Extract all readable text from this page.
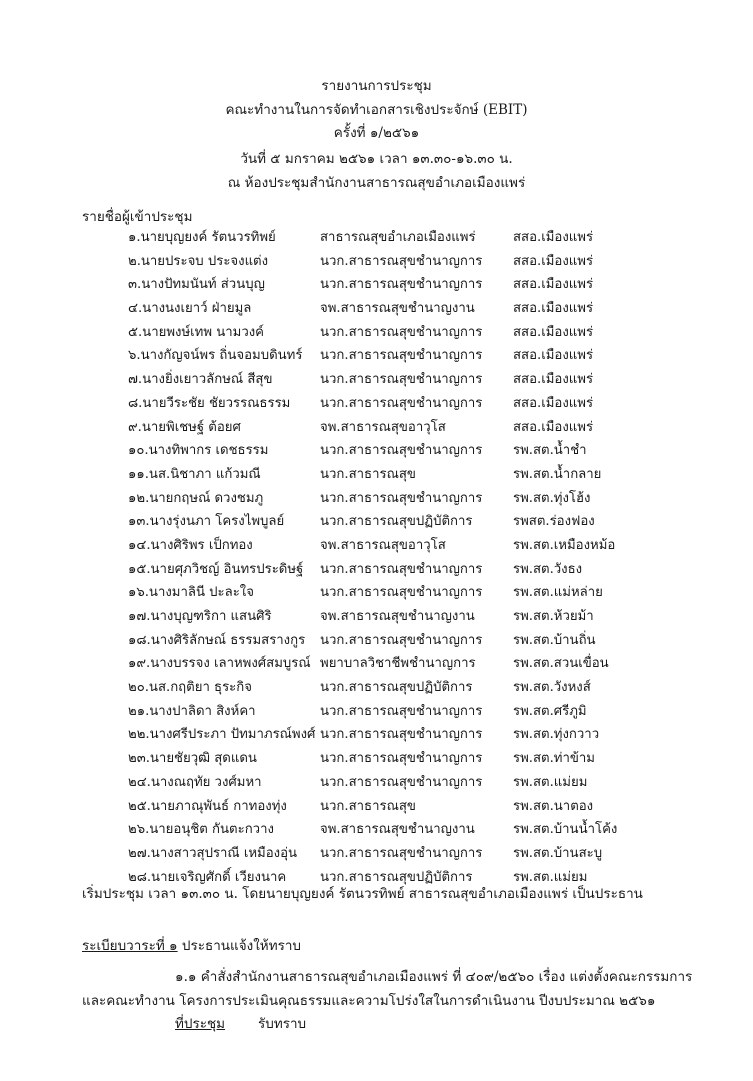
รายงานการประชุม
คณะทำงานในการจัดทำเอกสารเชิงประจักษ์ (EBIT)
ครั้งที่ ๑/๒๕๖๑
วันที่ ๕ มกราคม ๒๕๖๑ เวลา ๑๓.๓๐-๑๖.๓๐ น.
ณ ห้องประชุมสำนักงานสาธารณสุขอำเภอเมืองแพร่
รายชื่อผู้เข้าประชุม
๑.นายบุญยงค์ รัตนวรทิพย์	สาธารณสุขอำเภอเมืองแพร่	สสอ.เมืองแพร่
๒.นายประจบ ประจงแต่ง	นวก.สาธารณสุขชำนาญการ สสอ.เมืองแพร่
๓.นางปัทมนันท์ ส่วนบุญ	นวก.สาธารณสุขชำนาญการ สสอ.เมืองแพร่
๔.นางนงเยาว์ ฝ่ายมูล	จพ.สาธารณสุขชำนาญงาน	สสอ.เมืองแพร่
๕.นายพงษ์เทพ นามวงค์	นวก.สาธารณสุขชำนาญการ สสอ.เมืองแพร่
๖.นางกัญจน์พร ถิ่นจอมบดินทร์ นวก.สาธารณสุขชำนาญการ สสอ.เมืองแพร่
๗.นางยิ่งเยาวลักษณ์ สีสุข	นวก.สาธารณสุขชำนาญการ สสอ.เมืองแพร่
๘.นายวีระชัย ชัยวรรณธรรม นวก.สาธารณสุขชำนาญการ สสอ.เมืองแพร่
๙.นายพิเชษฐ์ ต้อยศ	จพ.สาธารณสุขอาวุโส	สสอ.เมืองแพร่
๑๐.นางทิพากร เดชธรรม	นวก.สาธารณสุขชำนาญการ รพ.สต.น้ำชำ
๑๑.นส.นิชาภา แก้วมณี	นวก.สาธารณสุข	รพ.สต.น้ำกลาย
๑๒.นายกฤษณ์ ดวงชมภู	นวก.สาธารณสุขชำนาญการ รพ.สต.ทุ่งโฮ้ง
๑๓.นางรุ่งนภา โครงไพบูลย์	นวก.สาธารณสุขปฏิบัติการ	รพสต.ร่องฟอง
๑๔.นางศิริพร เป็กทอง	จพ.สาธารณสุขอาวุโส	รพ.สต.เหมืองหม้อ
๑๕.นายศุภวิชญ์ อินทรประดิษฐ์ นวก.สาธารณสุขชำนาญการ รพ.สต.วังธง
๑๖.นางมาลินี ปะละใจ	นวก.สาธารณสุขชำนาญการ รพ.สต.แม่หล่าย
๑๗.นางบุญฑริกา แสนศิริ	จพ.สาธารณสุขชำนาญงาน	รพ.สต.ห้วยม้า
๑๘.นางศิริลักษณ์ ธรรมสรางกูร นวก.สาธารณสุขชำนาญการ รพ.สต.บ้านถิ่น
๑๙.นางบรรจง เลาหพงศ์สมบูรณ์ พยาบาลวิชาชีพชำนาญการ	รพ.สต.สวนเขื่อน
๒๐.นส.กฤติยา ธุระกิจ	นวก.สาธารณสุขปฏิบัติการ	รพ.สต.วังหงส์
๒๑.นางปาลิดา สิงห์คา	นวก.สาธารณสุขชำนาญการ รพ.สต.ศรีภูมิ
๒๒.นางศรีประภา ปัทมาภรณ์พงศ์ นวก.สาธารณสุขชำนาญการ รพ.สต.ทุ่งกวาว
๒๓.นายชัยวุฒิ สุดแดน	นวก.สาธารณสุขชำนาญการ รพ.สต.ท่าข้าม
๒๔.นางณฤทัย วงศ์มหา	นวก.สาธารณสุขชำนาญการ รพ.สต.แม่ยม
๒๕.นายภาณุพันธ์ กาทองทุ่ง	นวก.สาธารณสุข	รพ.สต.นาตอง
๒๖.นายอนุชิต กันตะกวาง	จพ.สาธารณสุขชำนาญงาน	รพ.สต.บ้านน้ำโค้ง
๒๗.นางสาวสุปราณี เหมืองอุ่น นวก.สาธารณสุขชำนาญการ รพ.สต.บ้านสะบู
๒๘.นายเจริญศักดิ์ เวียงนาค	นวก.สาธารณสุขปฏิบัติการ	รพ.สต.แม่ยม
เริ่มประชุม เวลา ๑๓.๓๐ น. โดยนายบุญยงค์ รัตนวรทิพย์ สาธารณสุขอำเภอเมืองแพร่ เป็นประธาน
ระเบียบวาระที่ ๑ ประธานแจ้งให้ทราบ
๑.๑ คำสั่งสำนักงานสาธารณสุขอำเภอเมืองแพร่ ที่ ๔๐๙/๒๕๖๐ เรื่อง แต่งตั้งคณะกรรมการ
และคณะทำงาน โครงการประเมินคุณธรรมและความโปร่งใสในการดำเนินงาน ปีงบประมาณ ๒๕๖๑
ที่ประชุม รับทราบ
